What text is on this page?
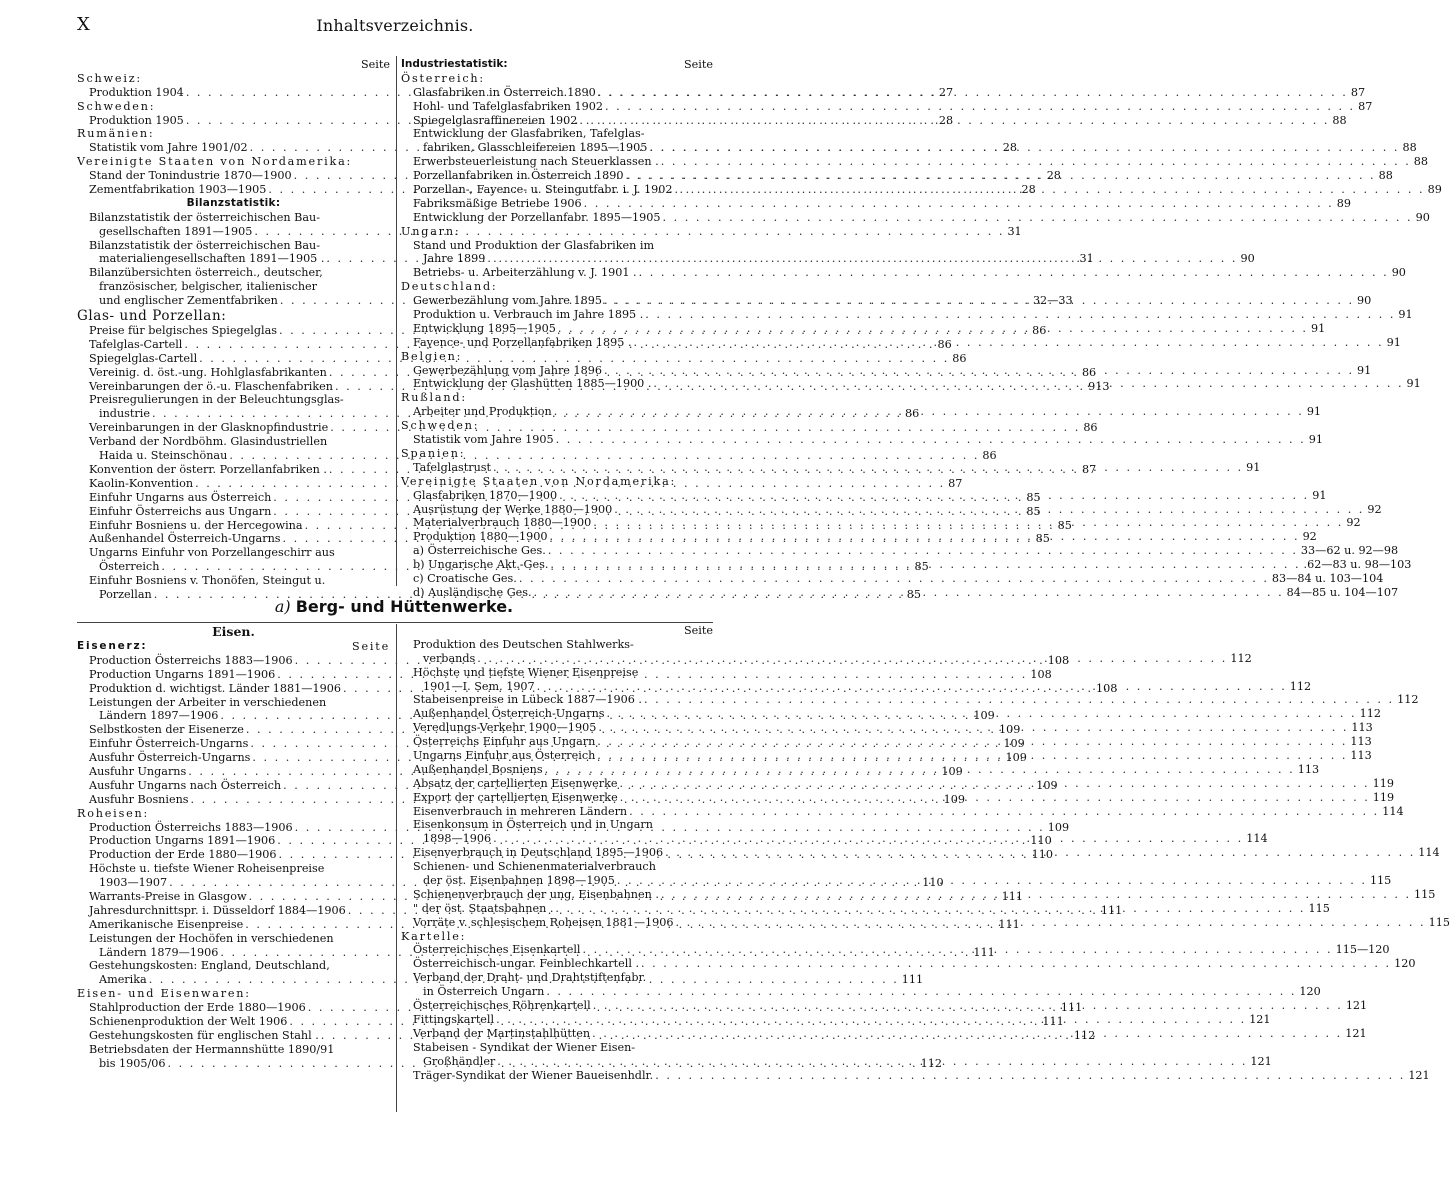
X	Inhaltsverzeichnis.
Seite
Schweiz:
Produktion 1904 . . .	27
Schweden:
Produktion 1905 . . .	28
Rumänien:
Statistik vom Jahre 1901/02 . . .	28
Vereinigte Staaten von Nordamerika:
Stand der Tonindustrie 1870—1900 . . .	28
Zementfabrikation 1903—1905 . . .	28
Bilanzstatistik:
Bilanzstatistik der österreichischen Bau-
gesellschaften 1891—1905 . . .	31
Bilanzstatistik der österreichischen Bau-
materialiengesellschaften 1891—1905 . . . .	31
Bilanzübersichten österreich., deutscher,
französischer, belgischer, italienischer
und englischer Zementfabriken . . .	32—33
Glas- und Porzellan:
Preise für belgisches Spiegelglas . . .	86
Tafelglas-Cartell . . .	86
Spiegelglas-Cartell . . .	86
Vereinig. d. öst.-ung. Hohlglasfabrikanten . . .	86
Vereinbarungen der ö.-u. Flaschenfabriken . . .	913
Preisregulierungen in der Beleuchtungsglas-
industrie . . .	86
Vereinbarungen in der Glasknopfindustrie . . .	86
Verband der Nordböhm. Glasindustriellen
Haida u. Steinschönau . . .	86
Konvention der österr. Porzellanfabriken . . . .	87
Kaolin-Konvention . . .	87
Einfuhr Ungarns aus Österreich . . .	85
Einfuhr Österreichs aus Ungarn . . .	85
Einfuhr Bosniens u. der Hercegowina . . .	85
Außenhandel Österreich-Ungarns . . .	85
Ungarns Einfuhr von Porzellangeschirr aus
Österreich . . .	85
Einfuhr Bosniens v. Thonöfen, Steingut u.
Porzellan . . .	85
Industriestatistik:	Seite
Österreich:
Glasfabriken in Österreich 1890 . . .	87
Hohl- und Tafelglasfabriken 1902 . . .	87
Spiegelglasraffinereien 1902 . . .	88
Entwicklung der Glasfabriken, Tafelglas-
fabriken, Glasschleifereien 1895—1905 . . .	88
Erwerbsteuerleistung nach Steuerklassen . . . .	88
Porzellanfabriken in Österreich 1890 . . .	88
Porzellan-, Fayence- u. Steingutfabr. i. J. 1902 . . .	89
Fabriksmäßige Betriebe 1906 . . .	89
Entwicklung der Porzellanfabr. 1895—1905 . . .	90
Ungarn:
Stand und Produktion der Glasfabriken im
Jahre 1899 . . .	90
Betriebs- u. Arbeiterzählung v. J. 1901 . . . .	90
Deutschland:
Gewerbezählung vom Jahre 1895 . . .	90
Produktion u. Verbrauch im Jahre 1895 . . . .	91
Entwicklung 1895—1905 . . .	91
Fayence- und Porzellanfabriken 1895 . . . .	91
Belgien:
Gewerbezählung vom Jahre 1896 . . .	91
Entwicklung der Glashütten 1885—1900 . . . .	91
Rußland:
Arbeiter und Produktion . . .	91
Schweden:
Statistik vom Jahre 1905 . . .	91
Spanien:
Tafelglastrust . . .	91
Vereinigte Staaten von Nordamerika:
Glasfabriken 1870—1900 . . .	91
Ausrüstung der Werke 1880—1900 . . .	92
Materialverbrauch 1880—1900 . . .	92
Produktion 1880—1900 . . .	92
a) Österreichische Ges. . . .	33—62 u. 92—98
b) Ungarische Akt.-Ges. . . .	.62—83 u. 98—103
c) Croatische Ges. . . .	83—84 u. 103—104
d) Ausländische Ges. . . .	84—85 u. 104—107
a) Berg- und Hüttenwerke.
Eisen.
Eisenerz:	Seite
Production Österreichs 1883—1906 . . .	108
Production Ungarns 1891—1906 . . .	108
Produktion d. wichtigst. Länder 1881—1906 . . .	108
Leistungen der Arbeiter in verschiedenen
Ländern 1897—1906 . . .	109
Selbstkosten der Eisenerze . . .	109
Einfuhr Österreich-Ungarns . . .	109
Ausfuhr Österreich-Ungarns . . .	109
Ausfuhr Ungarns . . .	109
Ausfuhr Ungarns nach Österreich . . .	109
Ausfuhr Bosniens . . .	109
Roheisen:
Production Österreichs 1883—1906 . . .	109
Production Ungarns 1891—1906 . . .	110
Production der Erde 1880—1906 . . .	110
Höchste u. tiefste Wiener Roheisenpreise
1903—1907 . . .	110
Warrants-Preise in Glasgow . . .	111
Jahresdurchnittspr. i. Düsseldorf 1884—1906 . . .	111
Amerikanische Eisenpreise . . .	111
Leistungen der Hochöfen in verschiedenen
Ländern 1879—1906 . . .	111
Gestehungskosten: England, Deutschland,
Amerika . . .	111
Eisen- und Eisenwaren:
Stahlproduction der Erde 1880—1906 . . .	111
Schienenproduktion der Welt 1906 . . .	111
Gestehungskosten für englischen Stahl . . . .	112
Betriebsdaten der Hermannshütte 1890/91
bis 1905/06 . . .	112
Seite
Produktion des Deutschen Stahlwerks-
verbands . . .	112
Höchste und tiefste Wiener Eisenpreise
1901—I. Sem. 1907 . . .	112
Stabeisenpreise in Lübeck 1887—1906 . . . .	112
Außenhandel Österreich-Ungarns . . .	112
Veredlungs-Verkehr 1900—1905 . . .	113
Österreichs Einfuhr aus Ungarn . . .	113
Ungarns Einfuhr aus Österreich . . .	113
Außenhandel Bosniens . . .	113
Absatz der cartellierten Eisenwerke . . .	119
Export der cartellierten Eisenwerke . . .	119
Eisenverbrauch in mehreren Ländern . . .	114
Eisenkonsum in Österreich und in Ungarn
1898—1906 . . .	114
Eisenverbrauch in Deutschland 1895—1906 . . .	114
Schienen- und Schienenmaterialverbrauch
der öst. Eisenbahnen 1898—1905 . . .	115
Schienenverbrauch der ung. Eisenbahnen . . . .	115
" der öst. Staatsbahnen . . . .	115
Vorräte v. schlesischem Roheisen 1881—1906 . . .	115
Kartelle:
Österreichisches Eisenkartell . . .	115—120
Österreichisch-ungar. Feinblechkartell . . . .	120
Verband der Draht- und Drahtstiftenfabr.
in Österreich Ungarn . . .	120
Österreichisches Röhrenkartell . . .	121
Fittingskartell . . .	121
Verband der Martinstahlhütten . . .	121
Stabeisen - Syndikat der Wiener Eisen-
Großhändler . . .	121
Träger-Syndikat der Wiener Baueisenhdlr. . . .	121
